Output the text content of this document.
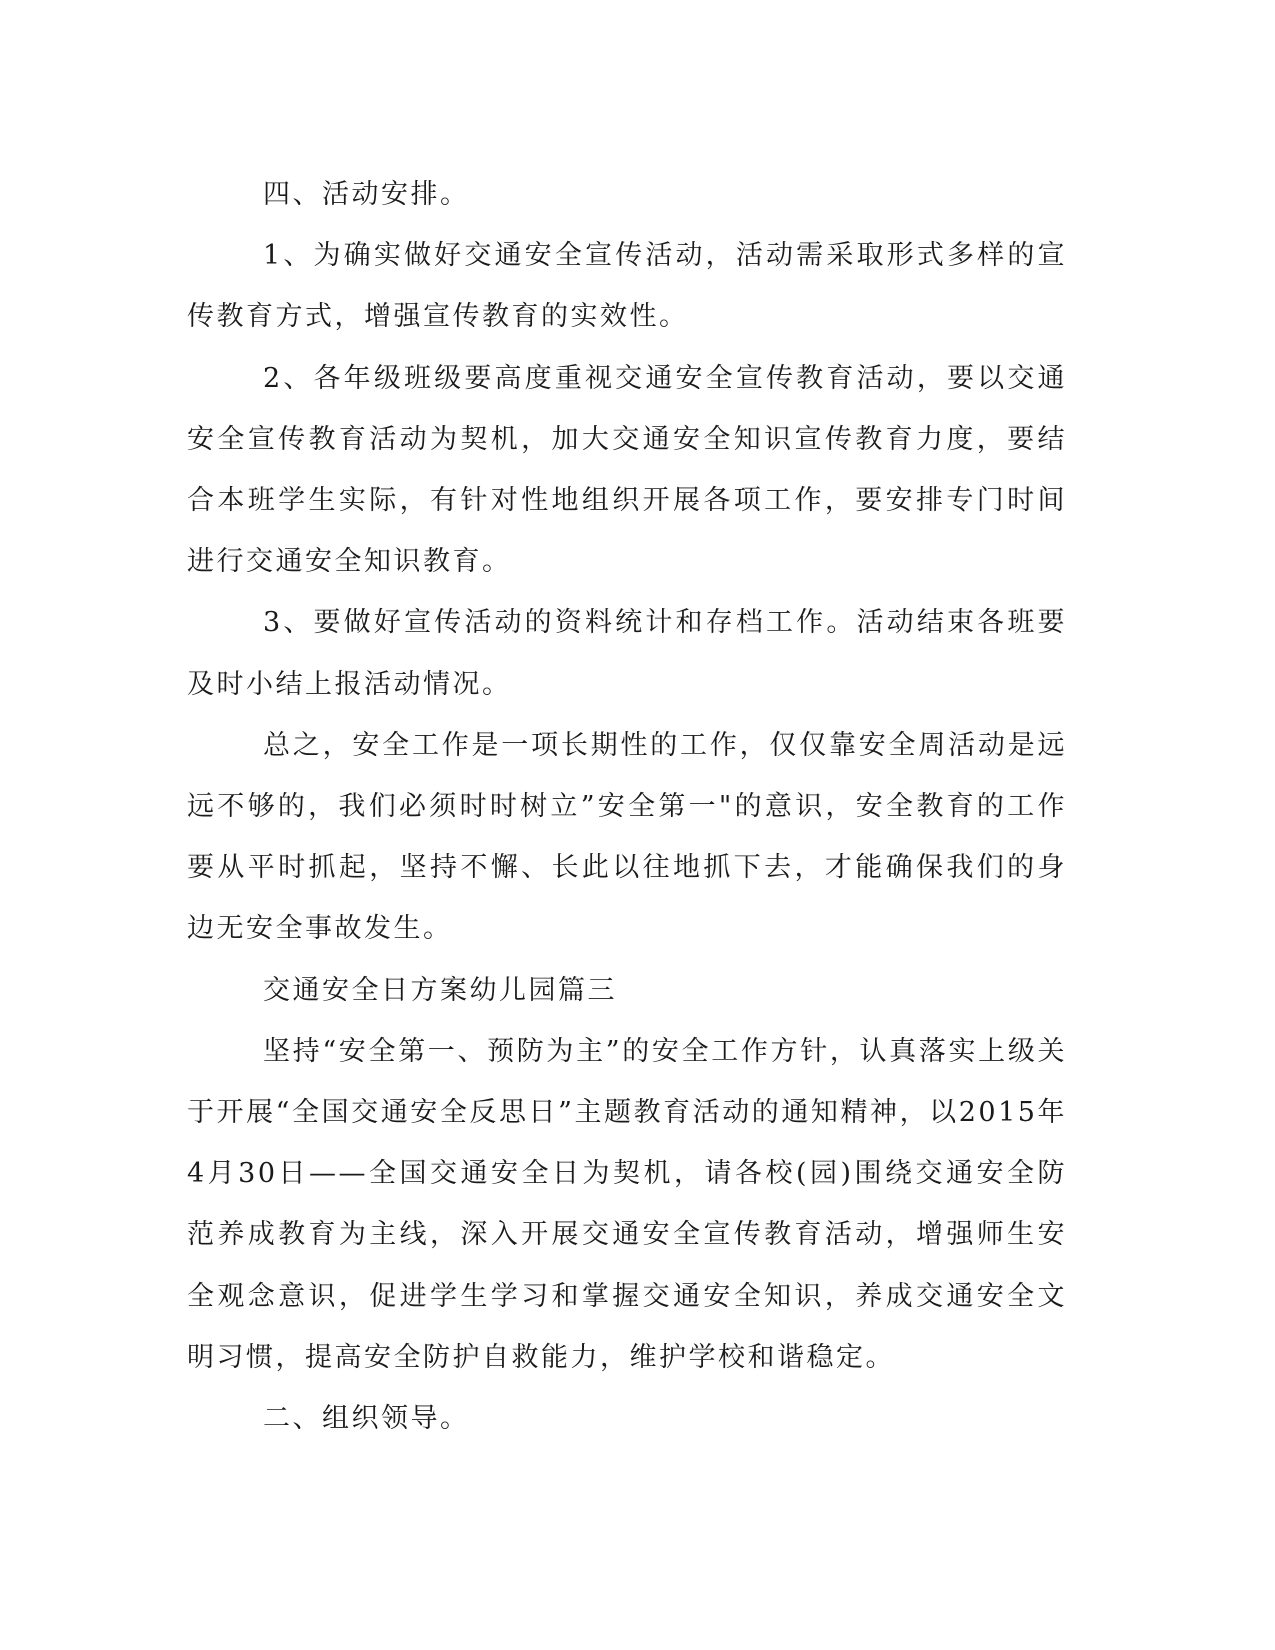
四、活动安排。

1、为确实做好交通安全宣传活动，活动需采取形式多样的宣传教育方式，增强宣传教育的实效性。

2、各年级班级要高度重视交通安全宣传教育活动，要以交通安全宣传教育活动为契机，加大交通安全知识宣传教育力度，要结合本班学生实际，有针对性地组织开展各项工作，要安排专门时间进行交通安全知识教育。

3、要做好宣传活动的资料统计和存档工作。活动结束各班要及时小结上报活动情况。

总之，安全工作是一项长期性的工作，仅仅靠安全周活动是远远不够的，我们必须时时树立”安全第一"的意识，安全教育的工作要从平时抓起，坚持不懈、长此以往地抓下去，才能确保我们的身边无安全事故发生。

交通安全日方案幼儿园篇三

坚持“安全第一、预防为主”的安全工作方针，认真落实上级关于开展“全国交通安全反思日”主题教育活动的通知精神，以2015年4月30日——全国交通安全日为契机，请各校(园)围绕交通安全防范养成教育为主线，深入开展交通安全宣传教育活动，增强师生安全观念意识，促进学生学习和掌握交通安全知识，养成交通安全文明习惯，提高安全防护自救能力，维护学校和谐稳定。

二、组织领导。
